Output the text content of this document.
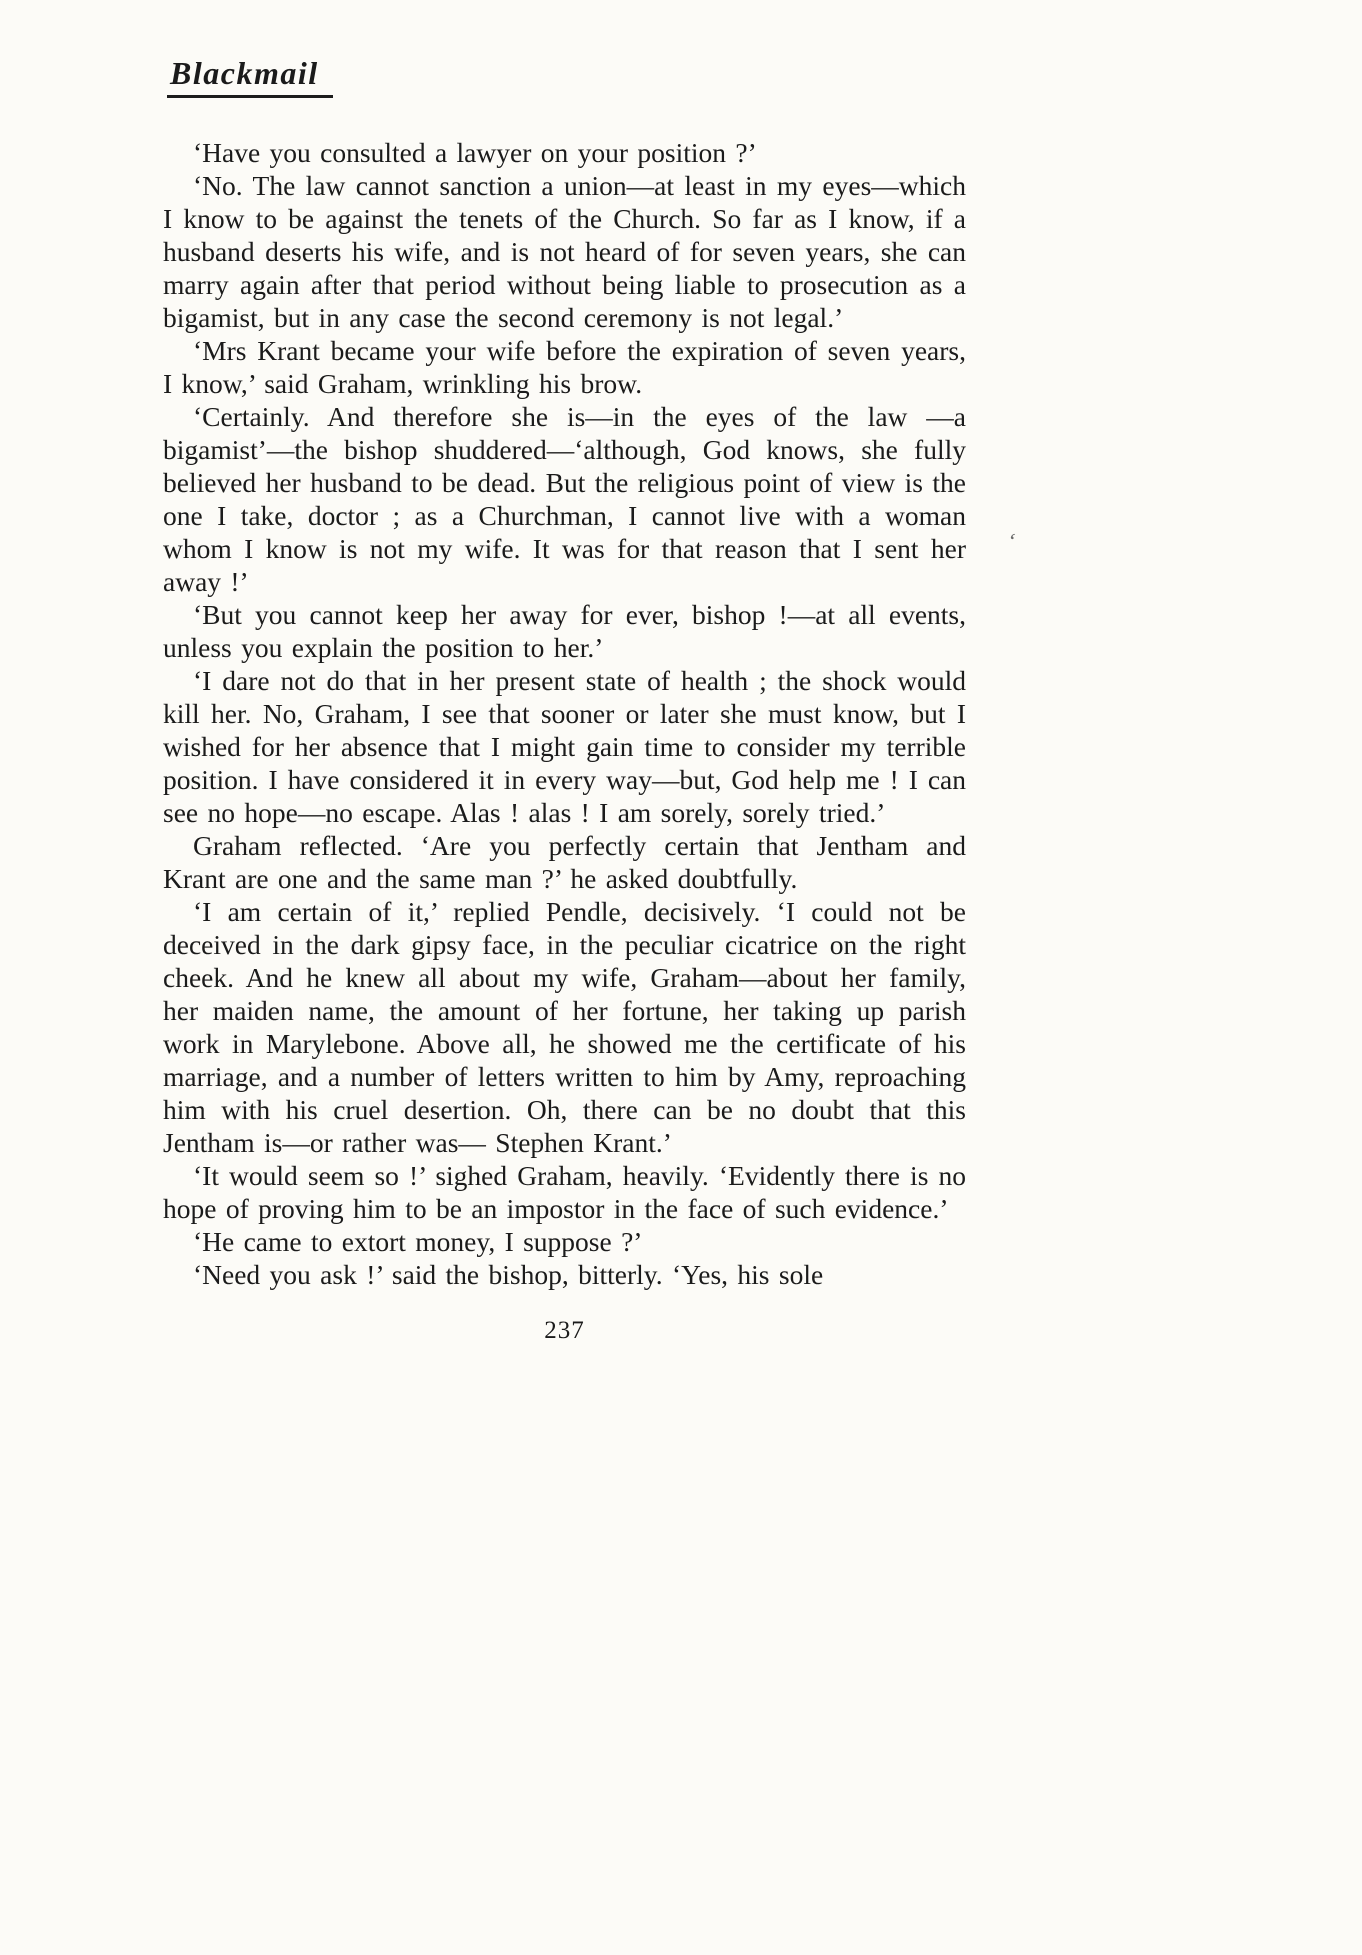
Blackmail

‘Have you consulted a lawyer on your position ?’

‘No. The law cannot sanction a union—at least in my eyes—which I know to be against the tenets of the Church. So far as I know, if a husband deserts his wife, and is not heard of for seven years, she can marry again after that period without being liable to prosecution as a bigamist, but in any case the second ceremony is not legal.’

‘Mrs Krant became your wife before the expiration of seven years, I know,’ said Graham, wrinkling his brow.

‘Certainly. And therefore she is—in the eyes of the law —a bigamist’—the bishop shuddered—‘although, God knows, she fully believed her husband to be dead. But the religious point of view is the one I take, doctor ; as a Churchman, I cannot live with a woman whom I know is not my wife. It was for that reason that I sent her away !’

‘But you cannot keep her away for ever, bishop !—at all events, unless you explain the position to her.’

‘I dare not do that in her present state of health ; the shock would kill her. No, Graham, I see that sooner or later she must know, but I wished for her absence that I might gain time to consider my terrible position. I have considered it in every way—but, God help me ! I can see no hope—no escape. Alas ! alas ! I am sorely, sorely tried.’

Graham reflected. ‘Are you perfectly certain that Jentham and Krant are one and the same man ?’ he asked doubtfully.

‘I am certain of it,’ replied Pendle, decisively. ‘I could not be deceived in the dark gipsy face, in the peculiar cicatrice on the right cheek. And he knew all about my wife, Graham—about her family, her maiden name, the amount of her fortune, her taking up parish work in Marylebone. Above all, he showed me the certificate of his marriage, and a number of letters written to him by Amy, reproaching him with his cruel desertion. Oh, there can be no doubt that this Jentham is—or rather was— Stephen Krant.’

‘It would seem so !’ sighed Graham, heavily. ‘Evidently there is no hope of proving him to be an impostor in the face of such evidence.’

‘He came to extort money, I suppose ?’

‘Need you ask !’ said the bishop, bitterly. ‘Yes, his sole

237
‘
